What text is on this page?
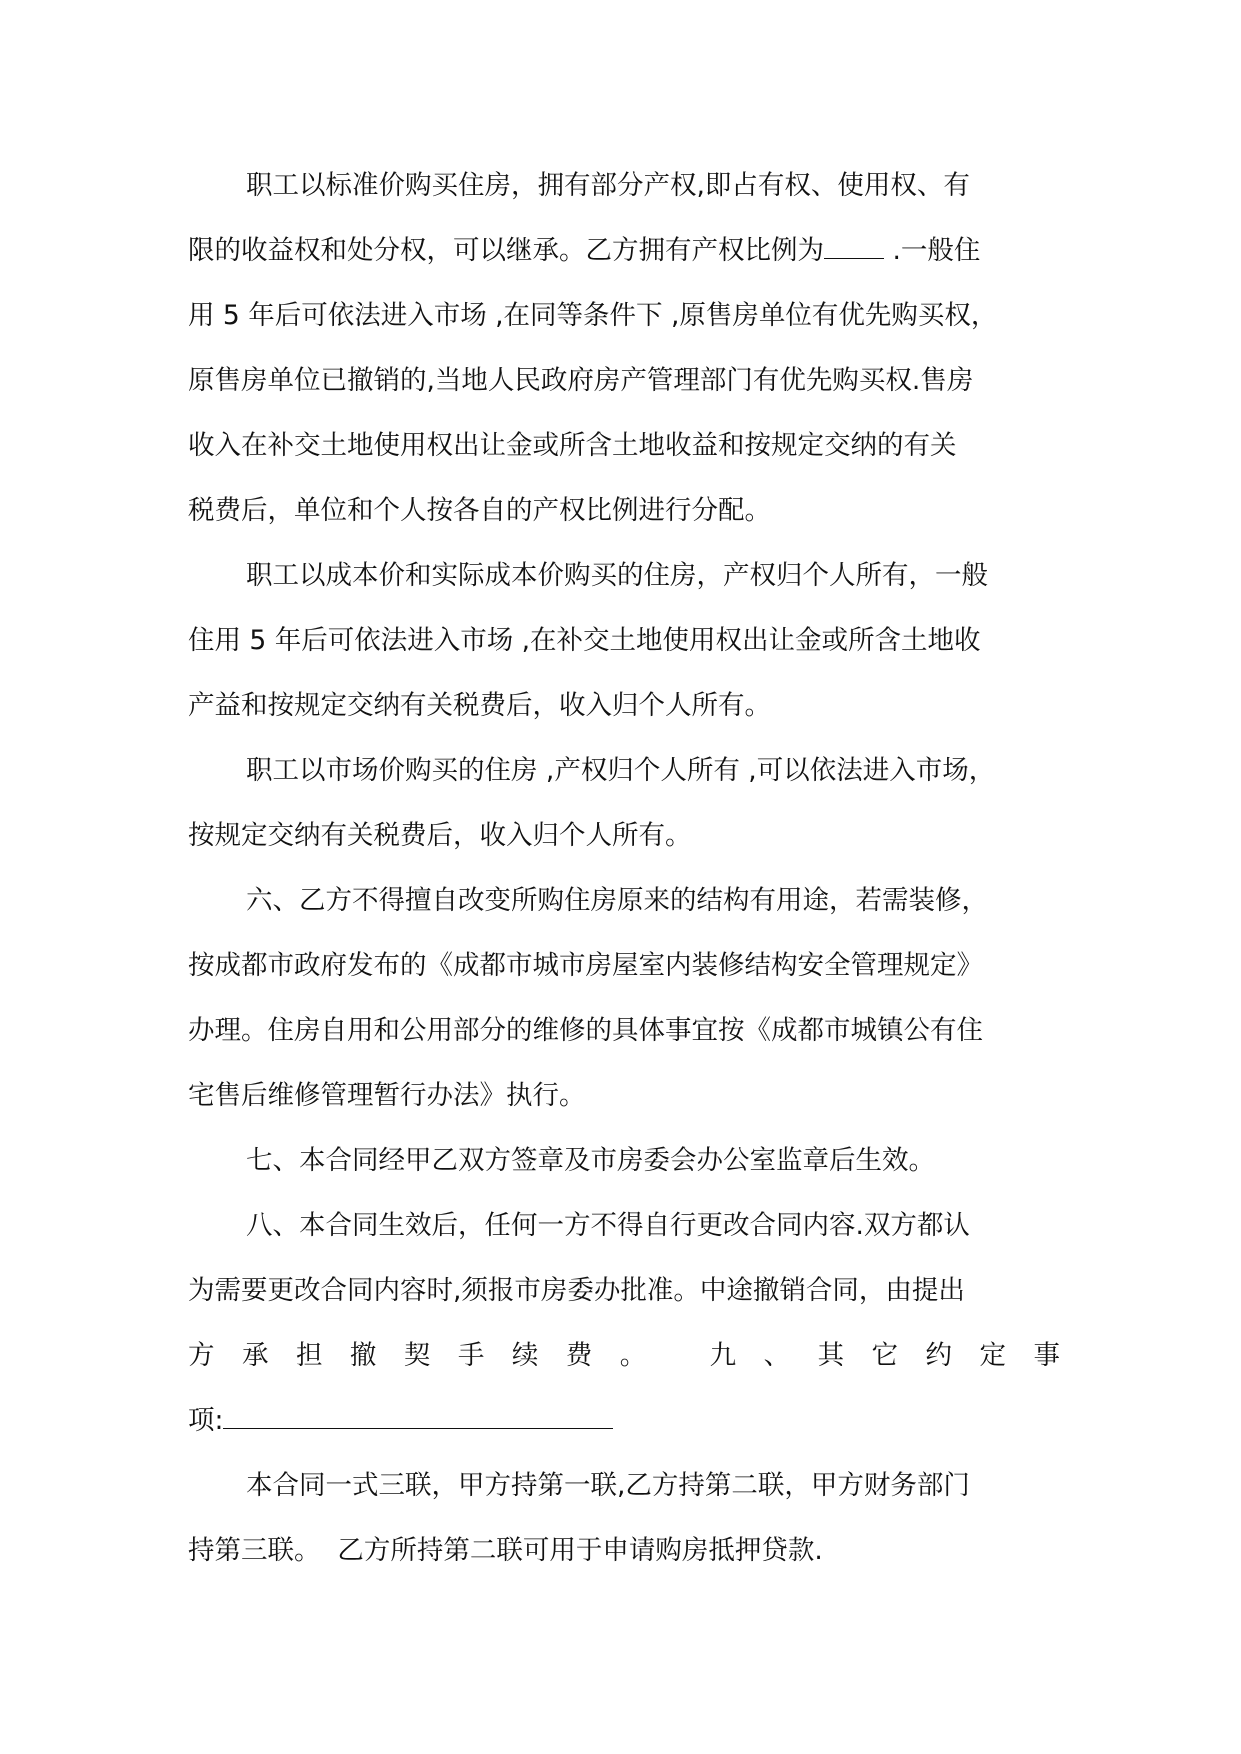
职工以标准价购买住房，拥有部分产权,即占有权、使用权、有
限的收益权和处分权，可以继承。乙方拥有产权比例为	.一般住
用 5 年后可依法进入市场 ,在同等条件下 ,原售房单位有优先购买权，
原售房单位已撤销的,当地人民政府房产管理部门有优先购买权.售房
收入在补交土地使用权出让金或所含土地收益和按规定交纳的有关
税费后，单位和个人按各自的产权比例进行分配。
职工以成本价和实际成本价购买的住房，产权归个人所有，一般
住用 5 年后可依法进入市场 ,在补交土地使用权出让金或所含土地收
产益和按规定交纳有关税费后，收入归个人所有。
职工以市场价购买的住房 ,产权归个人所有 ,可以依法进入市场，
按规定交纳有关税费后，收入归个人所有。
六、乙方不得擅自改变所购住房原来的结构有用途，若需装修，
按成都市政府发布的《成都市城市房屋室内装修结构安全管理规定》
办理。住房自用和公用部分的维修的具体事宜按《成都市城镇公有住
宅售后维修管理暂行办法》执行。
七、本合同经甲乙双方签章及市房委会办公室监章后生效。
八、本合同生效后，任何一方不得自行更改合同内容.双方都认
为需要更改合同内容时,须报市房委办批准。中途撤销合同，由提出
方 承 担 撤 契 手 续 费 。
九 、 其 它 约 定 事
项:
本合同一式三联，甲方持第一联,乙方持第二联，甲方财务部门
持第三联。  乙方所持第二联可用于申请购房抵押贷款.
